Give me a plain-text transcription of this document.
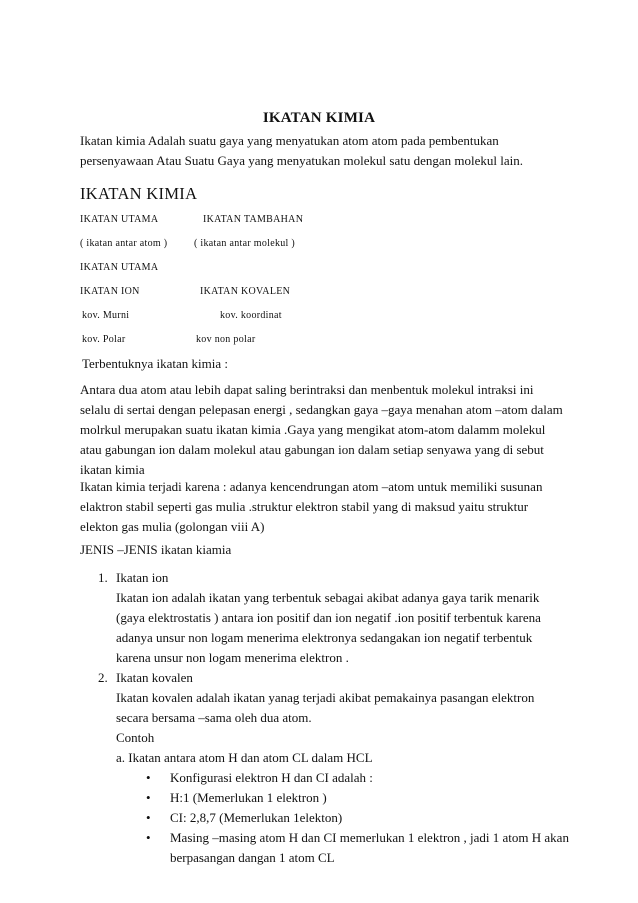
IKATAN KIMIA
Ikatan kimia Adalah suatu gaya yang menyatukan atom atom pada pembentukan
persenyawaan Atau Suatu Gaya yang menyatukan molekul satu dengan molekul lain.
IKATAN KIMIA
IKATAN UTAMA	IKATAN TAMBAHAN
( ikatan antar atom )	( ikatan antar molekul )
IKATAN UTAMA
IKATAN ION	IKATAN KOVALEN
kov. Murni	kov. koordinat
kov. Polar	kov non polar
Terbentuknya ikatan kimia :
Antara dua atom atau lebih dapat saling berintraksi dan menbentuk molekul intraksi ini
selalu di sertai dengan pelepasan energi , sedangkan gaya –gaya menahan atom –atom dalam
molrkul merupakan suatu ikatan kimia .Gaya yang mengikat atom-atom dalamm molekul
atau gabungan ion dalam molekul atau gabungan ion dalam setiap senyawa yang di sebut
ikatan kimia
Ikatan kimia terjadi karena : adanya kencendrungan atom –atom untuk memiliki susunan
elaktron stabil seperti gas mulia .struktur elektron stabil yang di maksud yaitu struktur
elekton gas mulia (golongan viii A)
JENIS –JENIS ikatan kiamia
1. Ikatan ion
Ikatan ion adalah ikatan yang terbentuk sebagai akibat adanya gaya tarik menarik
(gaya elektrostatis ) antara ion positif dan ion negatif .ion positif terbentuk karena
adanya unsur non logam menerima elektronya sedangakan ion negatif terbentuk
karena unsur non logam menerima elektron .
2. Ikatan kovalen
Ikatan kovalen adalah ikatan yanag terjadi akibat pemakainya pasangan elektron
secara bersama –sama oleh dua atom.
Contoh
a. Ikatan antara atom H dan atom CL dalam HCL
• Konfigurasi elektron H dan CI adalah :
• H:1 (Memerlukan 1 elektron )
• CI: 2,8,7 (Memerlukan 1elekton)
• Masing –masing atom H dan CI memerlukan 1 elektron , jadi 1 atom H akan
berpasangan dangan 1 atom CL
